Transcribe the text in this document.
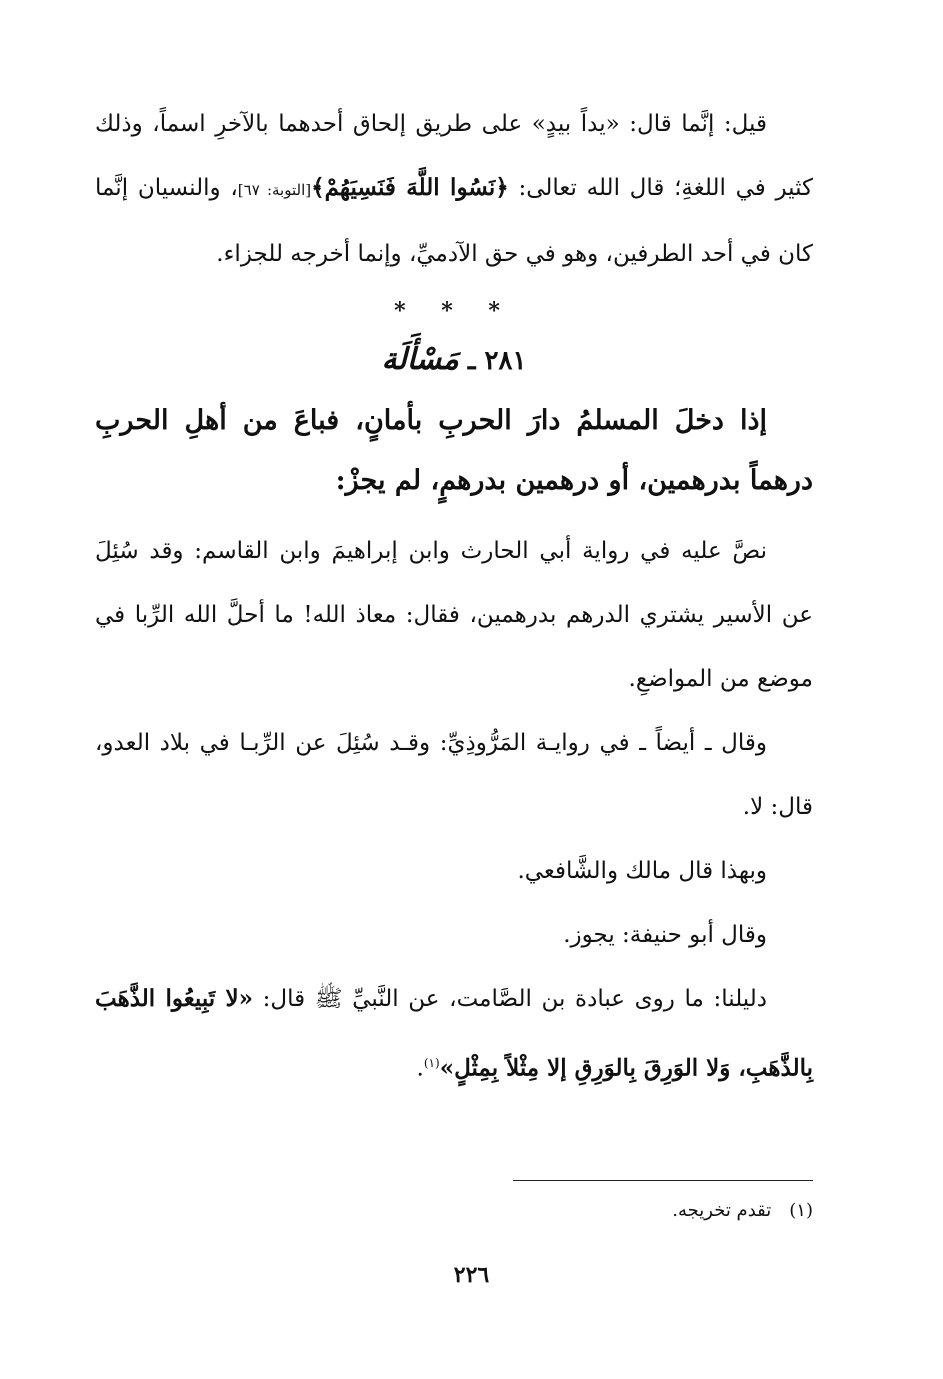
قيل: إنَّما قال: «يداً بيدٍ» على طريق إلحاق أحدهما بالآخرِ اسماً، وذلك كثير في اللغةِ؛ قال الله تعالى: ﴿نَسُوا اللَّهَ فَنَسِيَهُمْ﴾[التوبة: ٦٧]، والنسيان إنَّما كان في أحد الطرفين، وهو في حق الآدميِّ، وإنما أخرجه للجزاء.

* * *
٢٨١ ـ مَسْأَلَة

إذا دخلَ المسلمُ دارَ الحربِ بأمانٍ، فباعَ من أهلِ الحربِ درهماً بدرهمين، أو درهمين بدرهمٍ، لم يجزْ:

نصَّ عليه في رواية أبي الحارث وابن إبراهيمَ وابن القاسم: وقد سُئِلَ عن الأسير يشتري الدرهم بدرهمين، فقال: معاذ الله! ما أحلَّ الله الرِّبا في موضع من المواضعِ.

وقال ـ أيضاً ـ في روايـة المَرُّوذِيِّ: وقـد سُئِلَ عن الرِّبـا في بلاد العدو، قال: لا.

وبهذا قال مالك والشَّافعي.

وقال أبو حنيفة: يجوز.

دليلنا: ما روى عبادة بن الصَّامت، عن النَّبيِّ ﷺ قال: «لا تَبِيعُوا الذَّهَبَ بِالذَّهَبِ، وَلا الوَرِقَ بِالوَرِقِ إلا مِثْلاً بِمِثْلٍ»$^{(١)}$.

(١)تقدم تخريجه.
٢٢٦
